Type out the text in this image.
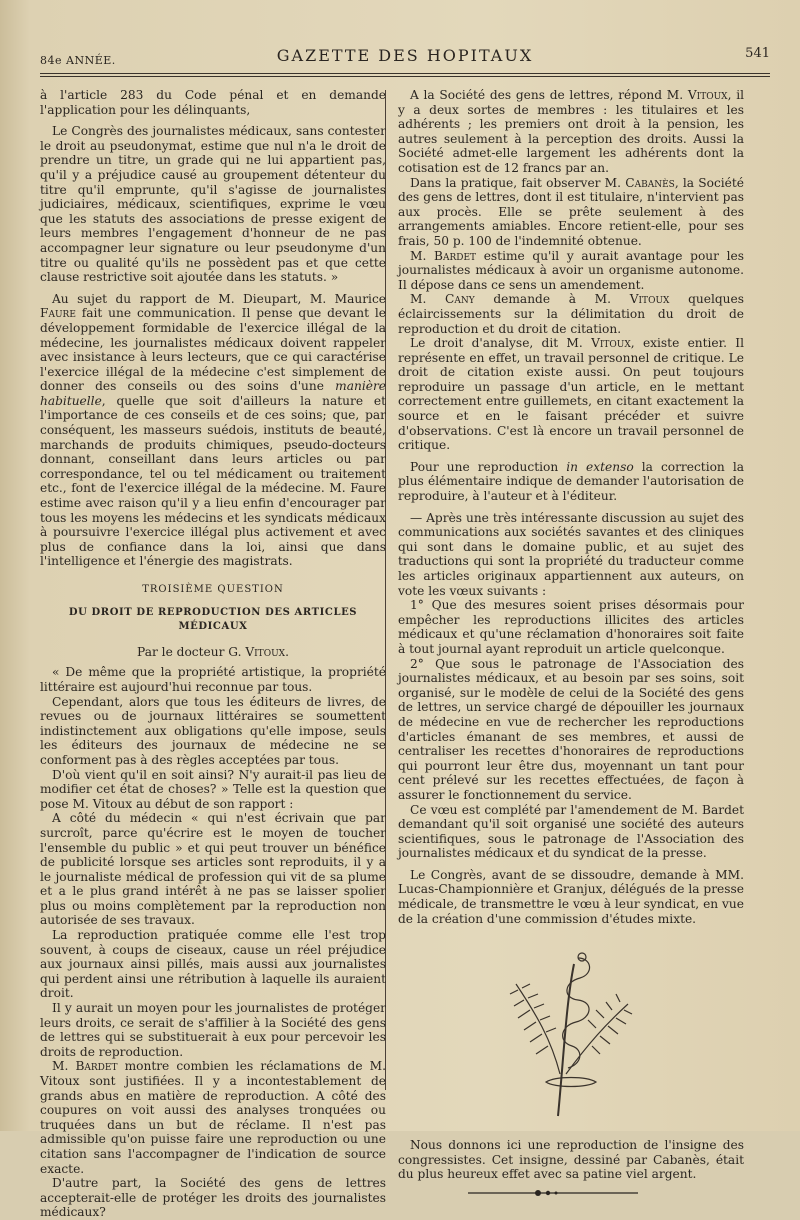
84e ANNÉE.	GAZETTE DES HOPITAUX	541

à l'article 283 du Code pénal et en demande l'application pour les délinquants,

Le Congrès des journalistes médicaux, sans contester le droit au pseudonymat, estime que nul n'a le droit de prendre un titre, un grade qui ne lui appartient pas, qu'il y a préjudice causé au groupement détenteur du titre qu'il emprunte, qu'il s'agisse de journalistes judiciaires, médicaux, scientifiques, exprime le vœu que les statuts des associations de presse exigent de leurs membres l'engagement d'honneur de ne pas accompagner leur signature ou leur pseudonyme d'un titre ou qualité qu'ils ne possèdent pas et que cette clause restrictive soit ajoutée dans les statuts. »

Au sujet du rapport de M. Dieupart, M. Maurice Faure fait une communication. Il pense que devant le développement formidable de l'exercice illégal de la médecine, les journalistes médicaux doivent rappeler avec insistance à leurs lecteurs, que ce qui caractérise l'exercice illégal de la médecine c'est simplement de donner des conseils ou des soins d'une manière habituelle, quelle que soit d'ailleurs la nature et l'importance de ces conseils et de ces soins; que, par conséquent, les masseurs suédois, instituts de beauté, marchands de produits chimiques, pseudo-docteurs donnant, conseillant dans leurs articles ou par correspondance, tel ou tel médicament ou traitement etc., font de l'exercice illégal de la médecine. M. Faure estime avec raison qu'il y a lieu enfin d'encourager par tous les moyens les médecins et les syndicats médicaux à poursuivre l'exercice illégal plus activement et avec plus de confiance dans la loi, ainsi que dans l'intelligence et l'énergie des magistrats.

TROISIÈME QUESTION

DU DROIT DE REPRODUCTION DES ARTICLES MÉDICAUX

Par le docteur G. Vitoux.

« De même que la propriété artistique, la propriété littéraire est aujourd'hui reconnue par tous.

Cependant, alors que tous les éditeurs de livres, de revues ou de journaux littéraires se soumettent indistinctement aux obligations qu'elle impose, seuls les éditeurs des journaux de médecine ne se conforment pas à des règles acceptées par tous.

D'où vient qu'il en soit ainsi? N'y aurait-il pas lieu de modifier cet état de choses? » Telle est la question que pose M. Vitoux au début de son rapport :

A côté du médecin « qui n'est écrivain que par surcroît, parce qu'écrire est le moyen de toucher l'ensemble du public » et qui peut trouver un bénéfice de publicité lorsque ses articles sont reproduits, il y a le journaliste médical de profession qui vit de sa plume et a le plus grand intérêt à ne pas se laisser spolier plus ou moins complètement par la reproduction non autorisée de ses travaux.

La reproduction pratiquée comme elle l'est trop souvent, à coups de ciseaux, cause un réel préjudice aux journaux ainsi pillés, mais aussi aux journalistes qui perdent ainsi une rétribution à laquelle ils auraient droit.

Il y aurait un moyen pour les journalistes de protéger leurs droits, ce serait de s'affilier à la Société des gens de lettres qui se substituerait à eux pour percevoir les droits de reproduction.

M. Bardet montre combien les réclamations de M. Vitoux sont justifiées. Il y a incontestablement de grands abus en matière de reproduction. A côté des coupures on voit aussi des analyses tronquées ou truquées dans un but de réclame. Il n'est pas admissible qu'on puisse faire une reproduction ou une citation sans l'accompagner de l'indication de source exacte.

D'autre part, la Société des gens de lettres accepterait-elle de protéger les droits des journalistes médicaux?

A la Société des gens de lettres, répond M. Vitoux, il y a deux sortes de membres : les titulaires et les adhérents ; les premiers ont droit à la pension, les autres seulement à la perception des droits. Aussi la Société admet-elle largement les adhérents dont la cotisation est de 12 francs par an.

Dans la pratique, fait observer M. Cabanès, la Société des gens de lettres, dont il est titulaire, n'intervient pas aux procès. Elle se prête seulement à des arrangements amiables. Encore retient-elle, pour ses frais, 50 p. 100 de l'indemnité obtenue.

M. Bardet estime qu'il y aurait avantage pour les journalistes médicaux à avoir un organisme autonome. Il dépose dans ce sens un amendement.

M. Cany demande à M. Vitoux quelques éclaircissements sur la délimitation du droit de reproduction et du droit de citation.

Le droit d'analyse, dit M. Vitoux, existe entier. Il représente en effet, un travail personnel de critique. Le droit de citation existe aussi. On peut toujours reproduire un passage d'un article, en le mettant correctement entre guillemets, en citant exactement la source et en le faisant précéder et suivre d'observations. C'est là encore un travail personnel de critique.

Pour une reproduction in extenso la correction la plus élémentaire indique de demander l'autorisation de reproduire, à l'auteur et à l'éditeur.

— Après une très intéressante discussion au sujet des communications aux sociétés savantes et des cliniques qui sont dans le domaine public, et au sujet des traductions qui sont la propriété du traducteur comme les articles originaux appartiennent aux auteurs, on vote les vœux suivants :

1° Que des mesures soient prises désormais pour empêcher les reproductions illicites des articles médicaux et qu'une réclamation d'honoraires soit faite à tout journal ayant reproduit un article quelconque.

2° Que sous le patronage de l'Association des journalistes médicaux, et au besoin par ses soins, soit organisé, sur le modèle de celui de la Société des gens de lettres, un service chargé de dépouiller les journaux de médecine en vue de rechercher les reproductions d'articles émanant de ses membres, et aussi de centraliser les recettes d'honoraires de reproductions qui pourront leur être dus, moyennant un tant pour cent prélevé sur les recettes effectuées, de façon à assurer le fonctionnement du service.

Ce vœu est complété par l'amendement de M. Bardet demandant qu'il soit organisé une société des auteurs scientifiques, sous le patronage de l'Association des journalistes médicaux et du syndicat de la presse.

Le Congrès, avant de se dissoudre, demande à MM. Lucas-Championnière et Granjux, délégués de la presse médicale, de transmettre le vœu à leur syndicat, en vue de la création d'une commission d'études mixte.

Nous donnons ici une reproduction de l'insigne des congressistes. Cet insigne, dessiné par Cabanès, était du plus heureux effet avec sa patine viel argent.
